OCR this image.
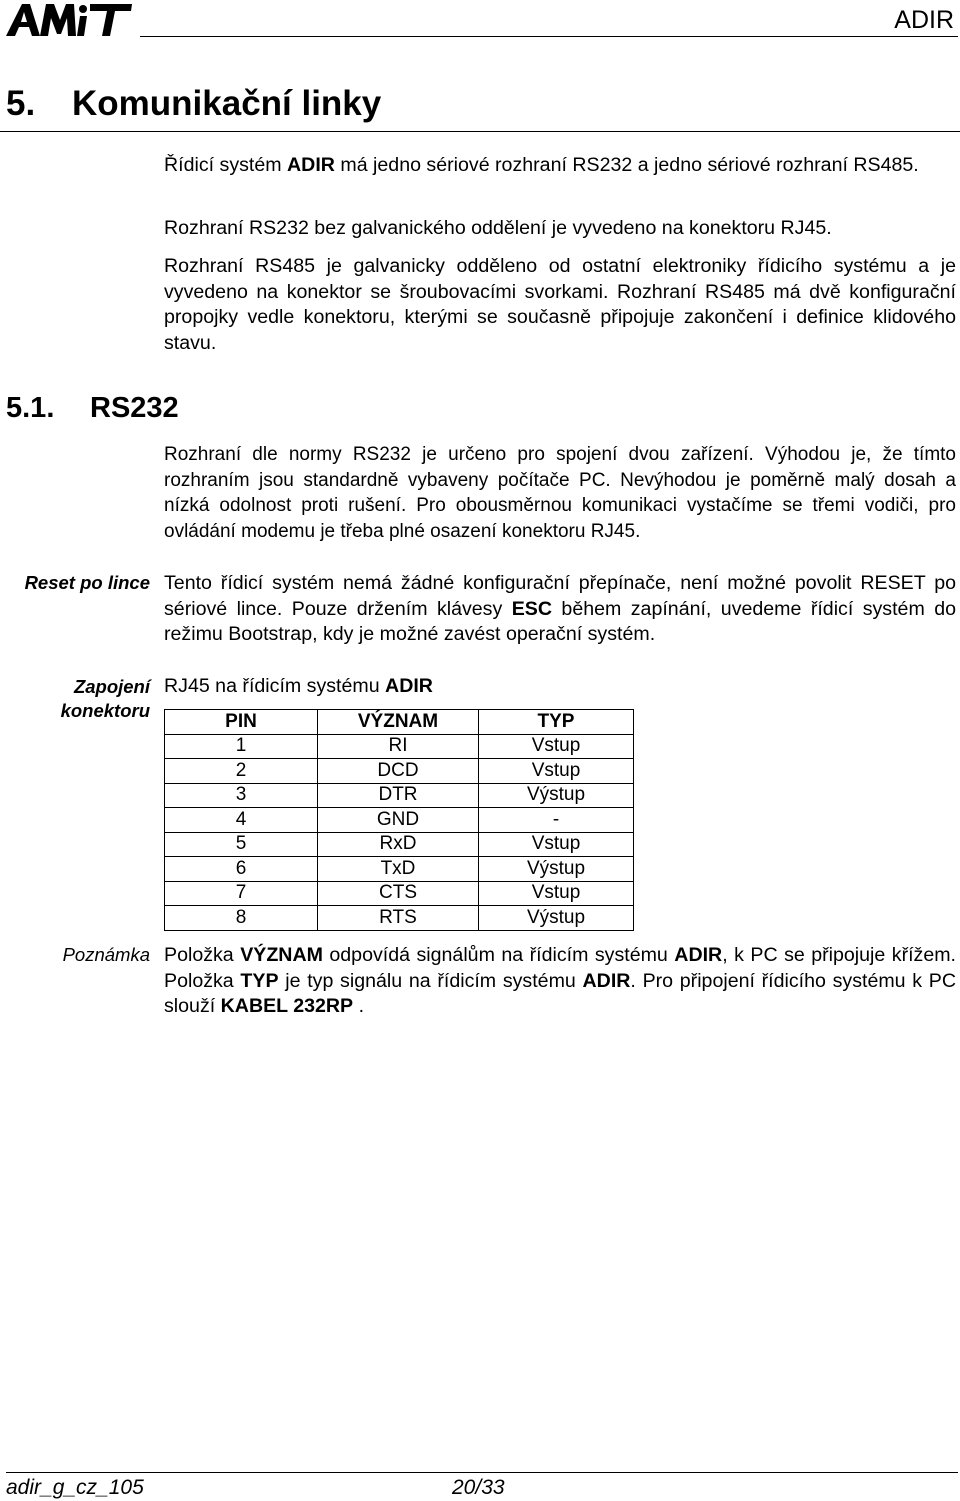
ADIR
5. Komunikační linky

Řídicí systém ADIR má jedno sériové rozhraní RS232 a jedno sériové rozhraní RS485.

Rozhraní RS232 bez galvanického oddělení je vyvedeno na konektoru RJ45.

Rozhraní RS485 je galvanicky odděleno od ostatní elektroniky řídicího systému a je vyvedeno na konektor se šroubovacími svorkami. Rozhraní RS485 má dvě konfigurační propojky vedle konektoru, kterými se současně připojuje zakončení i definice klidového stavu.

5.1. RS232

Rozhraní dle normy RS232 je určeno pro spojení dvou zařízení. Výhodou je, že tímto rozhraním jsou standardně vybaveny počítače PC. Nevýhodou je poměrně malý dosah a nízká odolnost proti rušení. Pro obousměrnou komunikaci vystačíme se třemi vodiči, pro ovládání modemu je třeba plné osazení konektoru RJ45.

Reset po lince Tento řídicí systém nemá žádné konfigurační přepínače, není možné povolit RESET po sériové lince. Pouze držením klávesy ESC během zapínání, uvedeme řídicí systém do režimu Bootstrap, kdy je možné zavést operační systém.

Zapojení
konektoru

RJ45 na řídicím systému ADIR

PIN	VÝZNAM	TYP
1	RI	Vstup
2	DCD	Vstup
3	DTR	Výstup
4	GND	-
5	RxD	Vstup
6	TxD	Výstup
7	CTS	Vstup
8	RTS	Výstup
Poznámka Položka VÝZNAM odpovídá signálům na řídicím systému ADIR, k PC se připojuje křížem. Položka TYP je typ signálu na řídicím systému ADIR. Pro připojení řídicího systému k PC slouží KABEL 232RP .

adir_g_cz_105	20/33
